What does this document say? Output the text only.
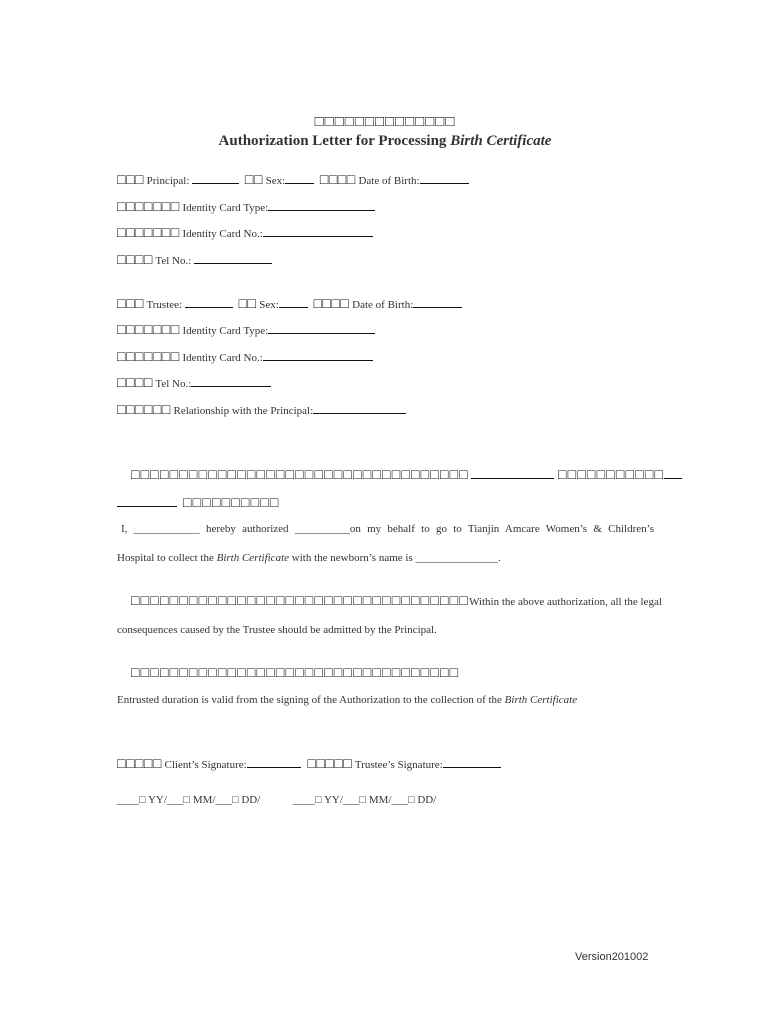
□□□□□□□□□□□□□□
Authorization Letter for Processing Birth Certificate
□□□ Principal:	□□ Sex: □□□□ Date of Birth:
□□□□□□□ Identity Card Type:
□□□□□□□ Identity Card No.:
□□□□ Tel No.:
□□□ Trustee:	□□ Sex: □□□□ Date of Birth:
□□□□□□□ Identity Card Type:
□□□□□□□ Identity Card No.:
□□□□ Tel No.:
□□□□□□ Relationship with the Principal:
□□□□□□□□□□□□□□□□□□□□□□□□□□□□□□□□□□□	□□□□□□□□□□□
□□□□□□□□□□
I, ____________ hereby authorized __________on my behalf to go to Tianjin Amcare Women’s & Children’s
Hospital to collect the Birth Certificate with the newborn’s name is _______________.
□□□□□□□□□□□□□□□□□□□□□□□□□□□□□□□□□□□Within the above authorization, all the legal
consequences caused by the Trustee should be admitted by the Principal.
□□□□□□□□□□□□□□□□□□□□□□□□□□□□□□□□□□
Entrusted duration is valid from the signing of the Authorization to the collection of the Birth Certificate
□□□□□ Client’s Signature:	□□□□□ Trustee’s Signature:
____□ YY/___□ MM/___□ DD/	____□ YY/___□ MM/___□ DD/
Version201002
